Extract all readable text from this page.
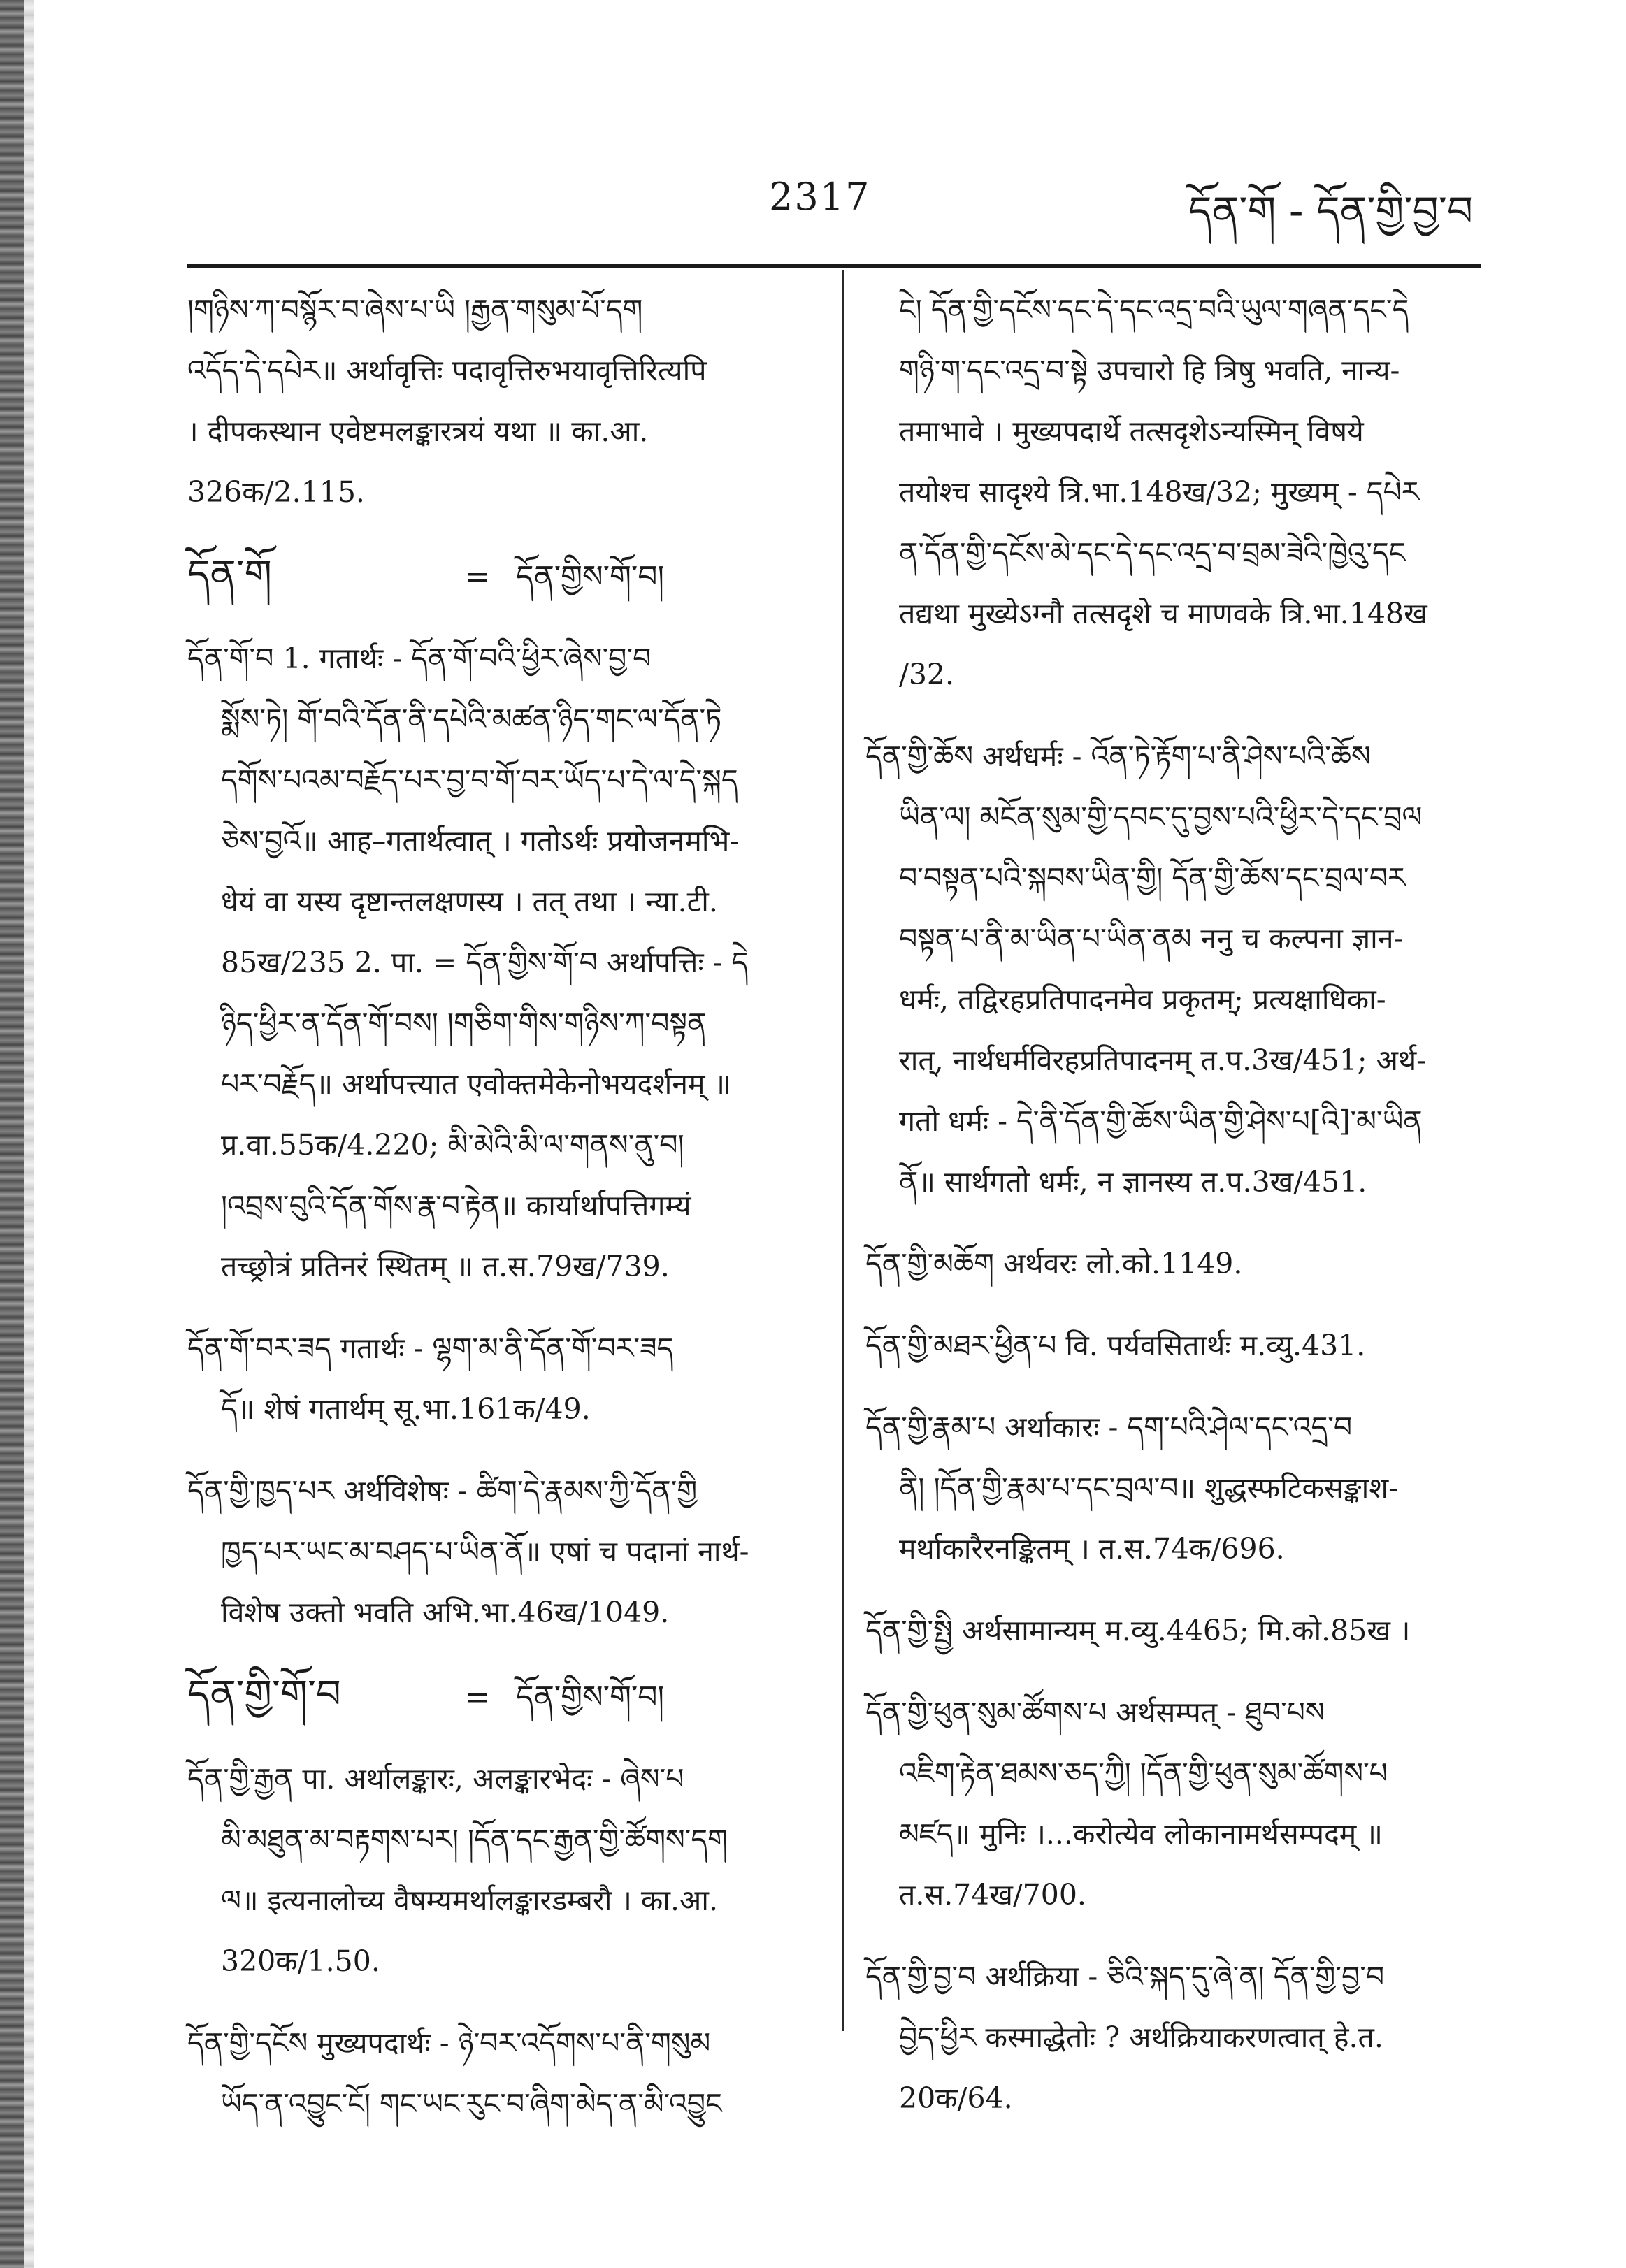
2317	དོན་གོ - དོན་གྱི་བྱ་བ

།གཉིས་ཀ་བསྙོར་བ་ཞེས་པ་ཡི །རྒྱན་གསུམ་པོ་དག

འདོད་དེ་དཔེར॥ अर्थावृत्तिः पदावृत्तिरुभयावृत्तिरित्यपि

। दीपकस्थान एवेष्टमलङ्कारत्रयं यथा ॥ का.आ.

326क/2.115.

དོན་གོ	= དོན་གྱིས་གོ་བ།

དོན་གོ་བ 1. गतार्थः - དོན་གོ་བའི་ཕྱིར་ཞེས་བྱ་བ

སྨོས་ཏེ། གོ་བའི་དོན་ནི་དཔེའི་མཚན་ཉིད་གང་ལ་དོན་ཏེ

དགོས་པའམ་བརྗོད་པར་བྱ་བ་གོ་བར་ཡོད་པ་དེ་ལ་དེ་སྐད

ཅེས་བྱའོ॥ आह–गतार्थत्वात् । गतोऽर्थः प्रयोजनमभि-

धेयं वा यस्य दृष्टान्तलक्षणस्य । तत् तथा । न्या.टी.

85ख/235 2. पा. = དོན་གྱིས་གོ་བ अर्थापत्तिः - དེ

ཉིད་ཕྱིར་ན་དོན་གོ་བས། །གཅིག་གིས་གཉིས་ཀ་བསྟན

པར་བརྗོད॥ अर्थापत्त्यात एवोक्तमेकेनोभयदर्शनम् ॥

प्र.वा.55क/4.220; མི་མེའི་མི་ལ་གནས་ནུ་བ།

།འབྲས་བུའི་དོན་གོས་རྣ་བ་རྟེན॥ कार्यार्थापत्तिगम्यं

तच्छ्रोत्रं प्रतिनरं स्थितम् ॥ त.स.79ख/739.

དོན་གོ་བར་ཟད गतार्थः - ལྷག་མ་ནི་དོན་གོ་བར་ཟད

དོ॥ शेषं गतार्थम् सू.भा.161क/49.

དོན་གྱི་ཁྱད་པར अर्थविशेषः - ཚིག་དེ་རྣམས་ཀྱི་དོན་གྱི

ཁྱད་པར་ཡང་མ་བཤད་པ་ཡིན་ནོ॥ एषां च पदानां नार्थ-

विशेष उक्तो भवति अभि.भा.46ख/1049.

དོན་གྱི་གོ་བ	= དོན་གྱིས་གོ་བ།

དོན་གྱི་རྒྱན पा. अर्थालङ्कारः, अलङ्कारभेदः - ཞེས་པ

མི་མཐུན་མ་བརྟགས་པར། །དོན་དང་རྒྱན་གྱི་ཚོགས་དག

ལ॥ इत्यनालोच्य वैषम्यमर्थालङ्कारडम्बरौ । का.आ.

320क/1.50.

དོན་གྱི་དངོས मुख्यपदार्थः - ཉེ་བར་འདོགས་པ་ནི་གསུམ

ཡོད་ན་འབྱུང་ངོ། གང་ཡང་རུང་བ་ཞིག་མེད་ན་མི་འབྱུང

ངེ། དོན་གྱི་དངོས་དང་དེ་དང་འདྲ་བའི་ཡུལ་གཞན་དང་དེ

གཉི་ག་དང་འདྲ་བ་སྟེ उपचारो हि त्रिषु भवति, नान्य-

तमाभावे । मुख्यपदार्थे तत्सदृशेऽन्यस्मिन् विषये

तयोश्च सादृश्ये त्रि.भा.148ख/32; मुख्यम् - དཔེར

ན་དོན་གྱི་དངོས་མེ་དང་དེ་དང་འདྲ་བ་བྲམ་ཟེའི་ཁྱེའུ་དང

तद्यथा मुख्येऽग्नौ तत्सदृशे च माणवके त्रि.भा.148ख

/32.

དོན་གྱི་ཆོས अर्थधर्मः - འོན་ཏེ་རྟོག་པ་ནི་ཤེས་པའི་ཆོས

ཡིན་ལ། མངོན་སུམ་གྱི་དབང་དུ་བྱས་པའི་ཕྱིར་དེ་དང་བྲལ

བ་བསྟན་པའི་སྐབས་ཡིན་གྱི། དོན་གྱི་ཆོས་དང་བྲལ་བར

བསྟན་པ་ནི་མ་ཡིན་པ་ཡིན་ནམ ननु च कल्पना ज्ञान-

धर्मः, तद्विरहप्रतिपादनमेव प्रकृतम्; प्रत्यक्षाधिका-

रात्, नार्थधर्मविरहप्रतिपादनम् त.प.3ख/451; अर्थ-

गतो धर्मः - དེ་ནི་དོན་གྱི་ཆོས་ཡིན་གྱི་ཤེས་པ[འི]་མ་ཡིན

ནོ॥ सार्थगतो धर्मः, न ज्ञानस्य त.प.3ख/451.

དོན་གྱི་མཆོག अर्थवरः लो.को.1149.

དོན་གྱི་མཐར་ཕྱིན་པ वि. पर्यवसितार्थः म.व्यु.431.

དོན་གྱི་རྣམ་པ अर्थाकारः - དག་པའི་ཤེལ་དང་འདྲ་བ

ནི། །དོན་གྱི་རྣམ་པ་དང་བྲལ་བ॥ शुद्धस्फटिकसङ्काश-

मर्थाकारैरनङ्कितम् । त.स.74क/696.

དོན་གྱི་སྤྱི अर्थसामान्यम् म.व्यु.4465; मि.को.85ख ।

དོན་གྱི་ཕུན་སུམ་ཚོགས་པ अर्थसम्पत् - ཐུབ་པས

འཇིག་རྟེན་ཐམས་ཅད་ཀྱི། །དོན་གྱི་ཕུན་སུམ་ཚོགས་པ

མཛད॥ मुनिः ।...करोत्येव लोकानामर्थसम्पदम् ॥

त.स.74ख/700.

དོན་གྱི་བྱ་བ अर्थक्रिया - ཅིའི་སྐད་དུ་ཞེ་ན། དོན་གྱི་བྱ་བ

བྱེད་ཕྱིར कस्माद्धेतोः ? अर्थक्रियाकरणत्वात् हे.त.

20क/64.
